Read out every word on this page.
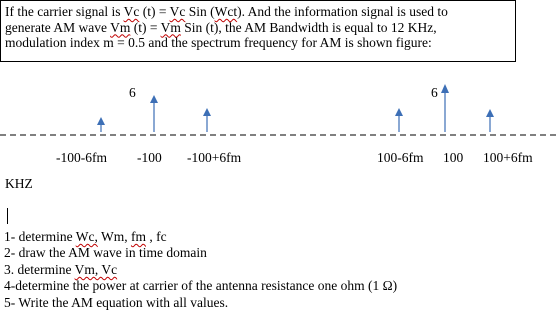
If the carrier signal is Vc (t) = Vc Sin (Wct). And the information signal is used to

generate AM wave Vm (t) = Vm Sin (t), the AM Bandwidth is equal to 12 KHz,

modulation index m = 0.5 and the spectrum frequency for AM is shown figure:

6	6
-100-6fm -100 -100+6fm	100-6fm 100 100+6fm
KHZ

1- determine Wc, Wm, fm , fc

2- draw the AM wave in time domain

3. determine Vm, Vc

4-determine the power at carrier of the antenna resistance one ohm (1 Ω)

5- Write the AM equation with all values.
